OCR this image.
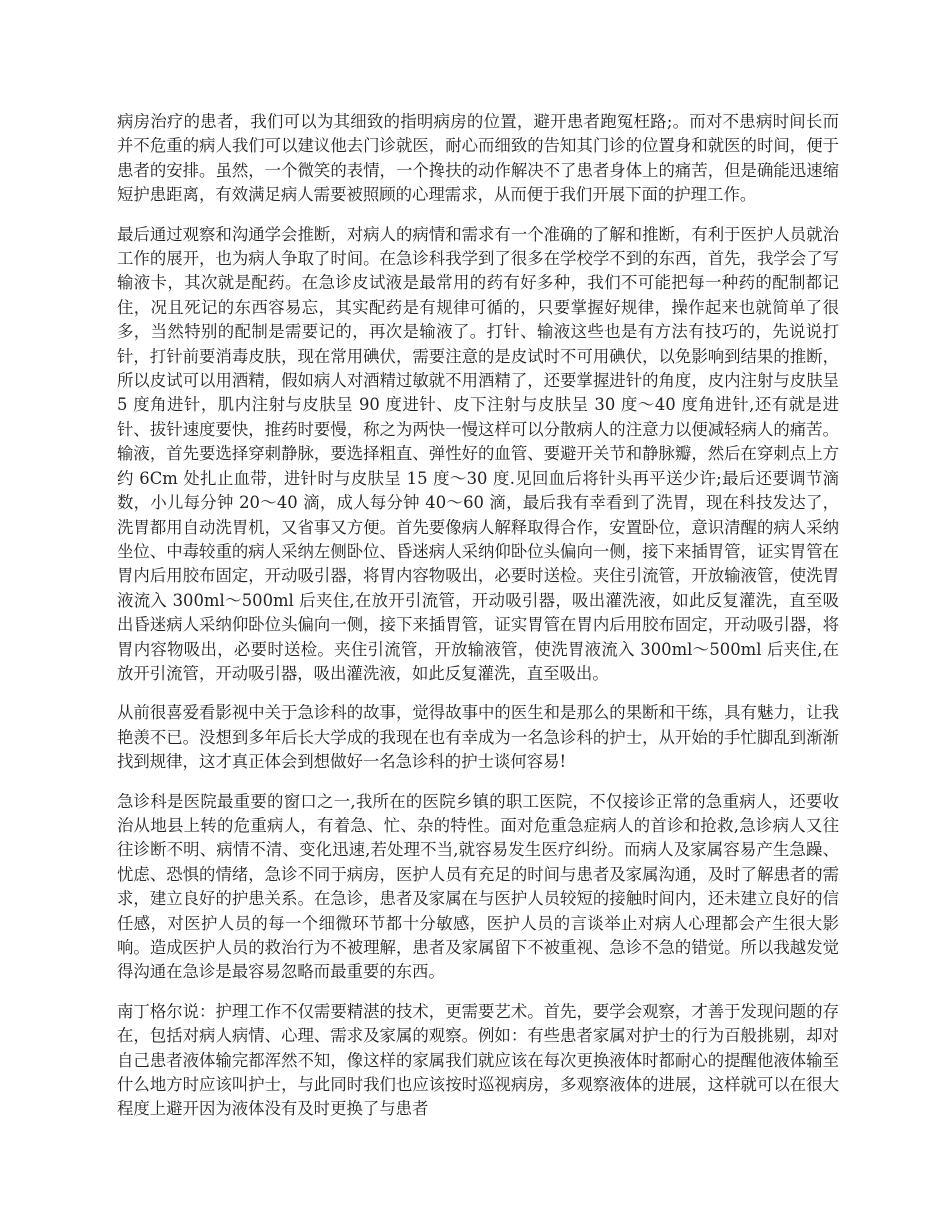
病房治疗的患者，我们可以为其细致的指明病房的位置，避开患者跑冤枉路;。而对不患病时间长而并不危重的病人我们可以建议他去门诊就医，耐心而细致的告知其门诊的位置身和就医的时间，便于患者的安排。虽然，一个微笑的表情，一个搀扶的动作解决不了患者身体上的痛苦，但是确能迅速缩短护患距离，有效满足病人需要被照顾的心理需求，从而便于我们开展下面的护理工作。

最后通过观察和沟通学会推断，对病人的病情和需求有一个准确的了解和推断，有利于医护人员就治工作的展开，也为病人争取了时间。在急诊科我学到了很多在学校学不到的东西，首先，我学会了写输液卡，其次就是配药。在急诊皮试液是最常用的药有好多种，我们不可能把每一种药的配制都记住，况且死记的东西容易忘，其实配药是有规律可循的，只要掌握好规律，操作起来也就简单了很多，当然特别的配制是需要记的，再次是输液了。打针、输液这些也是有方法有技巧的，先说说打针，打针前要消毒皮肤，现在常用碘伏，需要注意的是皮试时不可用碘伏，以免影响到结果的推断，所以皮试可以用酒精，假如病人对酒精过敏就不用酒精了，还要掌握进针的角度，皮内注射与皮肤呈 5 度角进针，肌内注射与皮肤呈 90 度进针、皮下注射与皮肤呈 30 度～40 度角进针,还有就是进针、拔针速度要快，推药时要慢，称之为两快一慢这样可以分散病人的注意力以便减轻病人的痛苦。输液，首先要选择穿刺静脉，要选择粗直、弹性好的血管、要避开关节和静脉瓣，然后在穿刺点上方约 6Cm 处扎止血带，进针时与皮肤呈 15 度～30 度.见回血后将针头再平送少许;最后还要调节滴数，小儿每分钟 20～40 滴，成人每分钟 40～60 滴，最后我有幸看到了洗胃，现在科技发达了，洗胃都用自动洗胃机，又省事又方便。首先要像病人解释取得合作，安置卧位，意识清醒的病人采纳坐位、中毒较重的病人采纳左侧卧位、昏迷病人采纳仰卧位头偏向一侧，接下来插胃管，证实胃管在胃内后用胶布固定，开动吸引器，将胃内容物吸出，必要时送检。夹住引流管，开放输液管，使洗胃液流入 300ml～500ml 后夹住,在放开引流管，开动吸引器，吸出灌洗液，如此反复灌洗，直至吸出昏迷病人采纳仰卧位头偏向一侧，接下来插胃管，证实胃管在胃内后用胶布固定，开动吸引器，将胃内容物吸出，必要时送检。夹住引流管，开放输液管，使洗胃液流入 300ml～500ml 后夹住,在放开引流管，开动吸引器，吸出灌洗液，如此反复灌洗，直至吸出。

从前很喜爱看影视中关于急诊科的故事，觉得故事中的医生和是那么的果断和干练，具有魅力，让我艳羡不已。没想到多年后长大学成的我现在也有幸成为一名急诊科的护士，从开始的手忙脚乱到渐渐找到规律，这才真正体会到想做好一名急诊科的护士谈何容易!

急诊科是医院最重要的窗口之一,我所在的医院乡镇的职工医院，不仅接诊正常的急重病人，还要收治从地县上转的危重病人，有着急、忙、杂的特性。面对危重急症病人的首诊和抢救,急诊病人又往往诊断不明、病情不清、变化迅速,若处理不当,就容易发生医疗纠纷。而病人及家属容易产生急躁、忧虑、恐惧的情绪，急诊不同于病房，医护人员有充足的时间与患者及家属沟通，及时了解患者的需求，建立良好的护患关系。在急诊，患者及家属在与医护人员较短的接触时间内，还未建立良好的信任感，对医护人员的每一个细微环节都十分敏感，医护人员的言谈举止对病人心理都会产生很大影响。造成医护人员的救治行为不被理解，患者及家属留下不被重视、急诊不急的错觉。所以我越发觉得沟通在急诊是最容易忽略而最重要的东西。

南丁格尔说：护理工作不仅需要精湛的技术，更需要艺术。首先，要学会观察，才善于发现问题的存在，包括对病人病情、心理、需求及家属的观察。例如：有些患者家属对护士的行为百般挑剔，却对自己患者液体输完都浑然不知，像这样的家属我们就应该在每次更换液体时都耐心的提醒他液体输至什么地方时应该叫护士，与此同时我们也应该按时巡视病房，多观察液体的进展，这样就可以在很大程度上避开因为液体没有及时更换了与患者
